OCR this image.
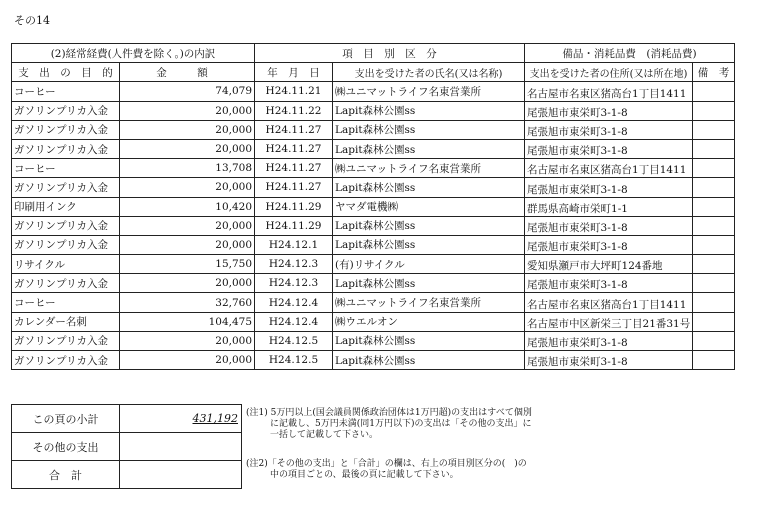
その14
(2)経常経費(人件費を除く。)の内訳		項　目　別　区　分		備品・消耗品費　(消耗品費)	
支　出　の　目　的	金　額	年　月　日	支出を受けた者の氏名(又は名称)	支出を受けた者の住所(又は所在地)	備　考
コーヒー	74,079	H24.11.21	㈱ユニマットライフ名東営業所	名古屋市名東区猪高台1丁目1411	
ガソリンプリカ入金	20,000	H24.11.22	Lapit森林公園ss	尾張旭市東栄町3-1-8	
ガソリンプリカ入金	20,000	H24.11.27	Lapit森林公園ss	尾張旭市東栄町3-1-8	
ガソリンプリカ入金	20,000	H24.11.27	Lapit森林公園ss	尾張旭市東栄町3-1-8	
コーヒー	13,708	H24.11.27	㈱ユニマットライフ名東営業所	名古屋市名東区猪高台1丁目1411	
ガソリンプリカ入金	20,000	H24.11.27	Lapit森林公園ss	尾張旭市東栄町3-1-8	
印刷用インク	10,420	H24.11.29	ヤマダ電機㈱	群馬県高崎市栄町1-1	
ガソリンプリカ入金	20,000	H24.11.29	Lapit森林公園ss	尾張旭市東栄町3-1-8	
ガソリンプリカ入金	20,000	H24.12.1	Lapit森林公園ss	尾張旭市東栄町3-1-8	
リサイクル	15,750	H24.12.3	(有)リサイクル	愛知県瀬戸市大坪町124番地	
ガソリンプリカ入金	20,000	H24.12.3	Lapit森林公園ss	尾張旭市東栄町3-1-8	
コーヒー	32,760	H24.12.4	㈱ユニマットライフ名東営業所	名古屋市名東区猪高台1丁目1411	
カレンダー名刺	104,475	H24.12.4	㈱ウエルオン	名古屋市中区新栄三丁目21番31号	
ガソリンプリカ入金	20,000	H24.12.5	Lapit森林公園ss	尾張旭市東栄町3-1-8	
ガソリンプリカ入金	20,000	H24.12.5	Lapit森林公園ss	尾張旭市東栄町3-1-8	
この頁の小計	431,192
その他の支出	
合　計	
(注1) 5万円以上(国会議員関係政治団体は1万円超)の支出はすべて個別
に記載し、5万円未満(同1万円以下)の支出は「その他の支出」に
一括して記載して下さい。
(注2)「その他の支出」と「合計」の欄は、右上の項目別区分の(　)の
中の項目ごとの、最後の頁に記載して下さい。
